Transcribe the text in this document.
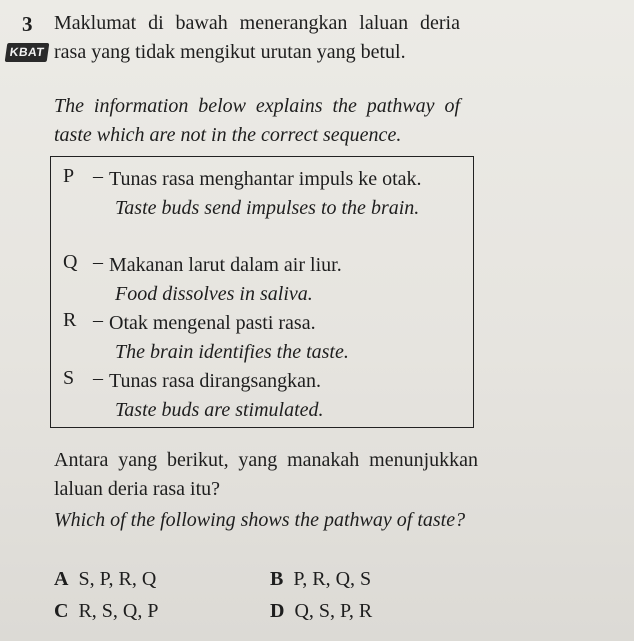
3
KBAT

Maklumat di bawah menerangkan laluan deria rasa yang tidak mengikut urutan yang betul.

The information below explains the pathway of taste which are not in the correct sequence.

P – Tunas rasa menghantar impuls ke otak.
Taste buds send impulses to the brain.
Q – Makanan larut dalam air liur.
Food dissolves in saliva.
R – Otak mengenal pasti rasa.
The brain identifies the taste.
S – Tunas rasa dirangsangkan.
Taste buds are stimulated.

Antara yang berikut, yang manakah menunjukkan laluan deria rasa itu?

Which of the following shows the pathway of taste?

A S, P, R, Q	B P, R, Q, S
C R, S, Q, P	D Q, S, P, R
